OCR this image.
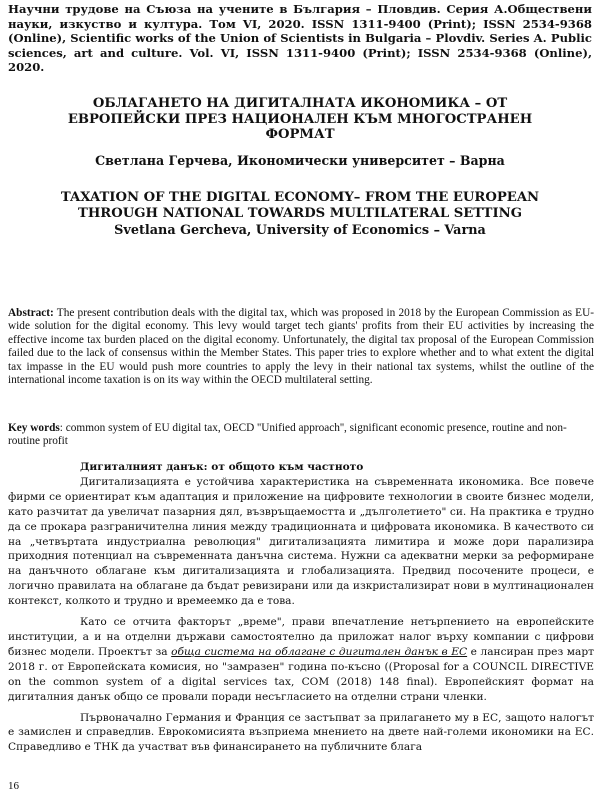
Научни трудове на Съюза на учените в България – Пловдив. Серия А.Обществени науки, изкуство и култура. Том VI, 2020. ISSN 1311-9400 (Print); ISSN 2534-9368 (Online), Scientific works of the Union of Scientists in Bulgaria – Plovdiv. Series A. Public sciences, art and culture. Vol. VI, ISSN 1311-9400 (Print); ISSN 2534-9368 (Online), 2020.
ОБЛАГАНЕТО НА ДИГИТАЛНАТА ИКОНОМИКА – ОТ
ЕВРОПЕЙСКИ ПРЕЗ НАЦИОНАЛЕН КЪМ МНОГОСТРАНЕН
ФОРМАТ
Светлана Герчева, Икономически университет – Варна
TAXATION OF THE DIGITAL ECONOMY– FROM THE EUROPEAN
THROUGH NATIONAL TOWARDS MULTILATERAL SETTING
Svetlana Gercheva, University of Economics – Varna
Abstract: The present contribution deals with the digital tax, which was proposed in 2018 by the European Commission as EU-wide solution for the digital economy. This levy would target tech giants' profits from their EU activities by increasing the effective income tax burden placed on the digital economy. Unfortunately, the digital tax proposal of the European Commission failed due to the lack of consensus within the Member States. This paper tries to explore whether and to what extent the digital tax impasse in the EU would push more countries to apply the levy in their national tax systems, whilst the outline of the international income taxation is on its way within the OECD multilateral setting.
Key words: common system of EU digital tax, OECD ''Unified approach'', significant economic presence, routine and non-routine profit
Дигиталният данък: от общото към частното

Дигитализацията е устойчива характеристика на съвременната икономика. Все повече фирми се ориентират към адаптация и приложение на цифровите технологии в своите бизнес модели, като разчитат да увеличат пазарния дял, възвръщаемостта и „дълголетието" си. На практика е трудно да се прокара разграничителна линия между традиционната и цифровата икономика. В качеството си на „четвъртата индустриална революция" дигитализацията лимитира и може дори парализира приходния потенциал на съвременната данъчна система. Нужни са адекватни мерки за реформиране на данъчното облагане към дигитализацията и глобализацията. Предвид посочените процеси, е логично правилата на облагане да бъдат ревизирани или да изкристализират нови в мултинационален контекст, колкото и трудно и времеемко да е това.

Като се отчита факторът „време", прави впечатление нетърпението на европейските институции, а и на отделни държави самостоятелно да приложат налог върху компании с цифрови бизнес модели. Проектът за обща система на облагане с дигитален данък в ЕС е лансиран през март 2018 г. от Европейската комисия, но "замразен" година по-късно ((Proposal for a COUNCIL DIRECTIVE on the common system of a digital services tax, COM (2018) 148 final). Европейският формат на дигиталния данък общо се провали поради несъгласието на отделни страни членки.

Първоначално Германия и Франция се застъпват за прилагането му в ЕС, защото налогът е замислен и справедлив. Еврокомисията възприема мнението на двете най-големи икономики на ЕС. Справедливо е ТНК да участват във финансирането на публичните блага

16
